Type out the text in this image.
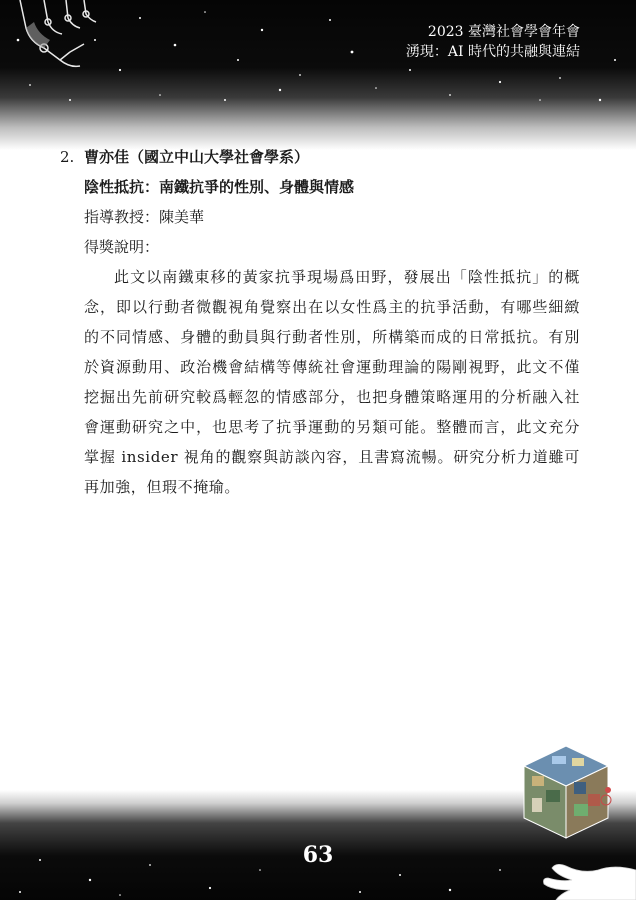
2023 臺灣社會學會年會
湧現：AI 時代的共融與連結
2. 曹亦佳（國立中山大學社會學系）
陰性抵抗：南鐵抗爭的性別、身體與情感
指導教授：陳美華
得獎說明：
此文以南鐵東移的黃家抗爭現場爲田野，發展出「陰性抵抗」的概念，即以行動者微觀視角覺察出在以女性爲主的抗爭活動，有哪些細緻的不同情感、身體的動員與行動者性別，所構築而成的日常抵抗。有別於資源動用、政治機會結構等傳統社會運動理論的陽剛視野，此文不僅挖掘出先前研究較爲輕忽的情感部分，也把身體策略運用的分析融入社會運動研究之中，也思考了抗爭運動的另類可能。整體而言，此文充分掌握 insider 視角的觀察與訪談內容，且書寫流暢。研究分析力道雖可再加強，但瑕不掩瑜。
63
